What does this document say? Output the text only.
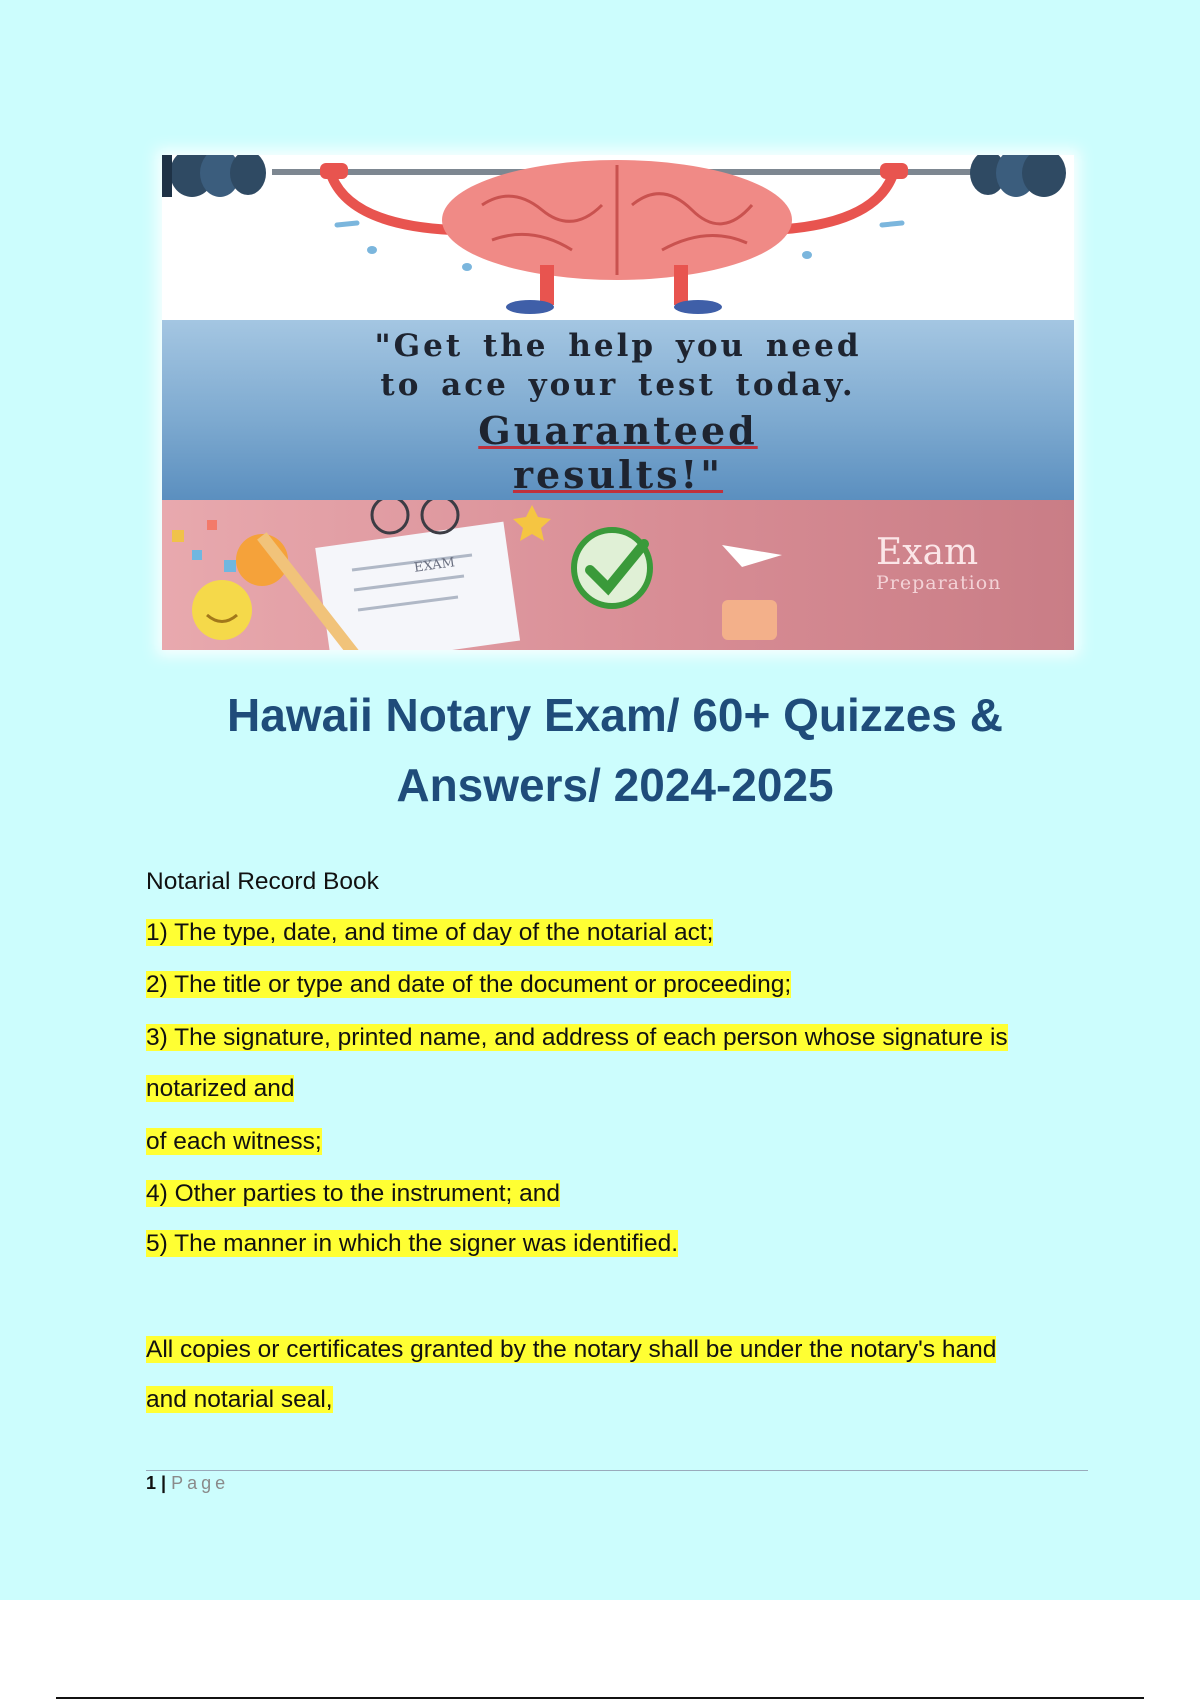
"Get the help you need
to ace your test today.
Guaranteed
results!"
EXAM	Exam
Preparation
Hawaii Notary Exam/ 60+ Quizzes &
Answers/ 2024-2025
Notarial Record Book
1) The type, date, and time of day of the notarial act;
2) The title or type and date of the document or proceeding;
3) The signature, printed name, and address of each person whose signature is
notarized and
of each witness;
4) Other parties to the instrument; and
5) The manner in which the signer was identified.
All copies or certificates granted by the notary shall be under the notary's hand
and notarial seal,
1 | Page
